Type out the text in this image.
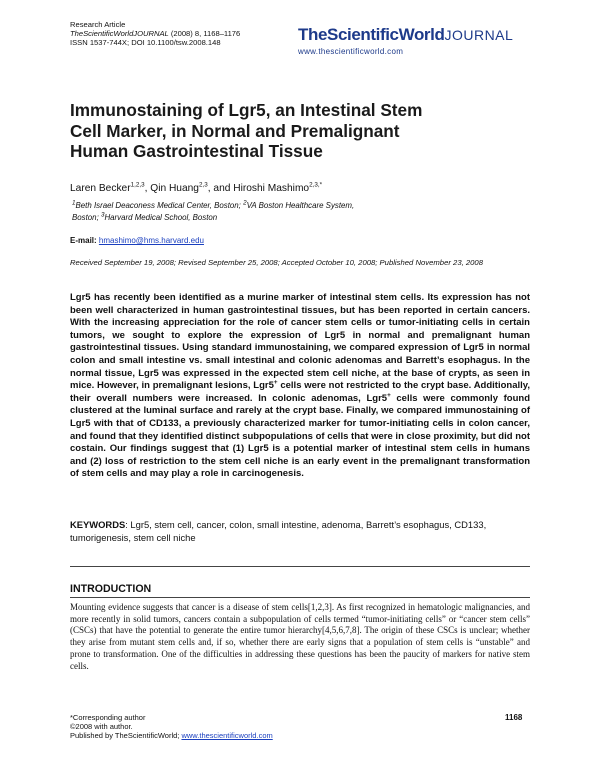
Research Article
TheScientificWorldJOURNAL (2008) 8, 1168–1176
ISSN 1537-744X; DOI 10.1100/tsw.2008.148	TheScientificWorldJOURNAL
www.thescientificworld.com
Immunostaining of Lgr5, an Intestinal Stem Cell Marker, in Normal and Premalignant Human Gastrointestinal Tissue
Laren Becker$^{1,2,3}$, Qin Huang$^{2,3}$, and Hiroshi Mashimo$^{2,3,*}$
$^1$Beth Israel Deaconess Medical Center, Boston; $^2$VA Boston Healthcare System,
Boston; $^3$Harvard Medical School, Boston
E-mail: hmashimo@hms.harvard.edu
Received September 19, 2008; Revised September 25, 2008; Accepted October 10, 2008; Published November 23, 2008
Lgr5 has recently been identified as a murine marker of intestinal stem cells. Its expression has not been well characterized in human gastrointestinal tissues, but has been reported in certain cancers. With the increasing appreciation for the role of cancer stem cells or tumor-initiating cells in certain tumors, we sought to explore the expression of Lgr5 in normal and premalignant human gastrointestinal tissues. Using standard immunostaining, we compared expression of Lgr5 in normal colon and small intestine vs. small intestinal and colonic adenomas and Barrett’s esophagus. In the normal tissue, Lgr5 was expressed in the expected stem cell niche, at the base of crypts, as seen in mice. However, in premalignant lesions, Lgr5+ cells were not restricted to the crypt base. Additionally, their overall numbers were increased. In colonic adenomas, Lgr5+ cells were commonly found clustered at the luminal surface and rarely at the crypt base. Finally, we compared immunostaining of Lgr5 with that of CD133, a previously characterized marker for tumor-initiating cells in colon cancer, and found that they identified distinct subpopulations of cells that were in close proximity, but did not costain. Our findings suggest that (1) Lgr5 is a potential marker of intestinal stem cells in humans and (2) loss of restriction to the stem cell niche is an early event in the premalignant transformation of stem cells and may play a role in carcinogenesis.
KEYWORDS: Lgr5, stem cell, cancer, colon, small intestine, adenoma, Barrett’s esophagus, CD133, tumorigenesis, stem cell niche
INTRODUCTION
Mounting evidence suggests that cancer is a disease of stem cells[1,2,3]. As first recognized in hematologic malignancies, and more recently in solid tumors, cancers contain a subpopulation of cells termed “tumor-initiating cells” or “cancer stem cells” (CSCs) that have the potential to generate the entire tumor hierarchy[4,5,6,7,8]. The origin of these CSCs is unclear; whether they arise from mutant stem cells and, if so, whether there are early signs that a population of stem cells is “unstable” and prone to transformation. One of the difficulties in addressing these questions has been the paucity of markers for native stem cells.
*Corresponding author
©2008 with author.
Published by TheScientificWorld; www.thescientificworld.com
1168
